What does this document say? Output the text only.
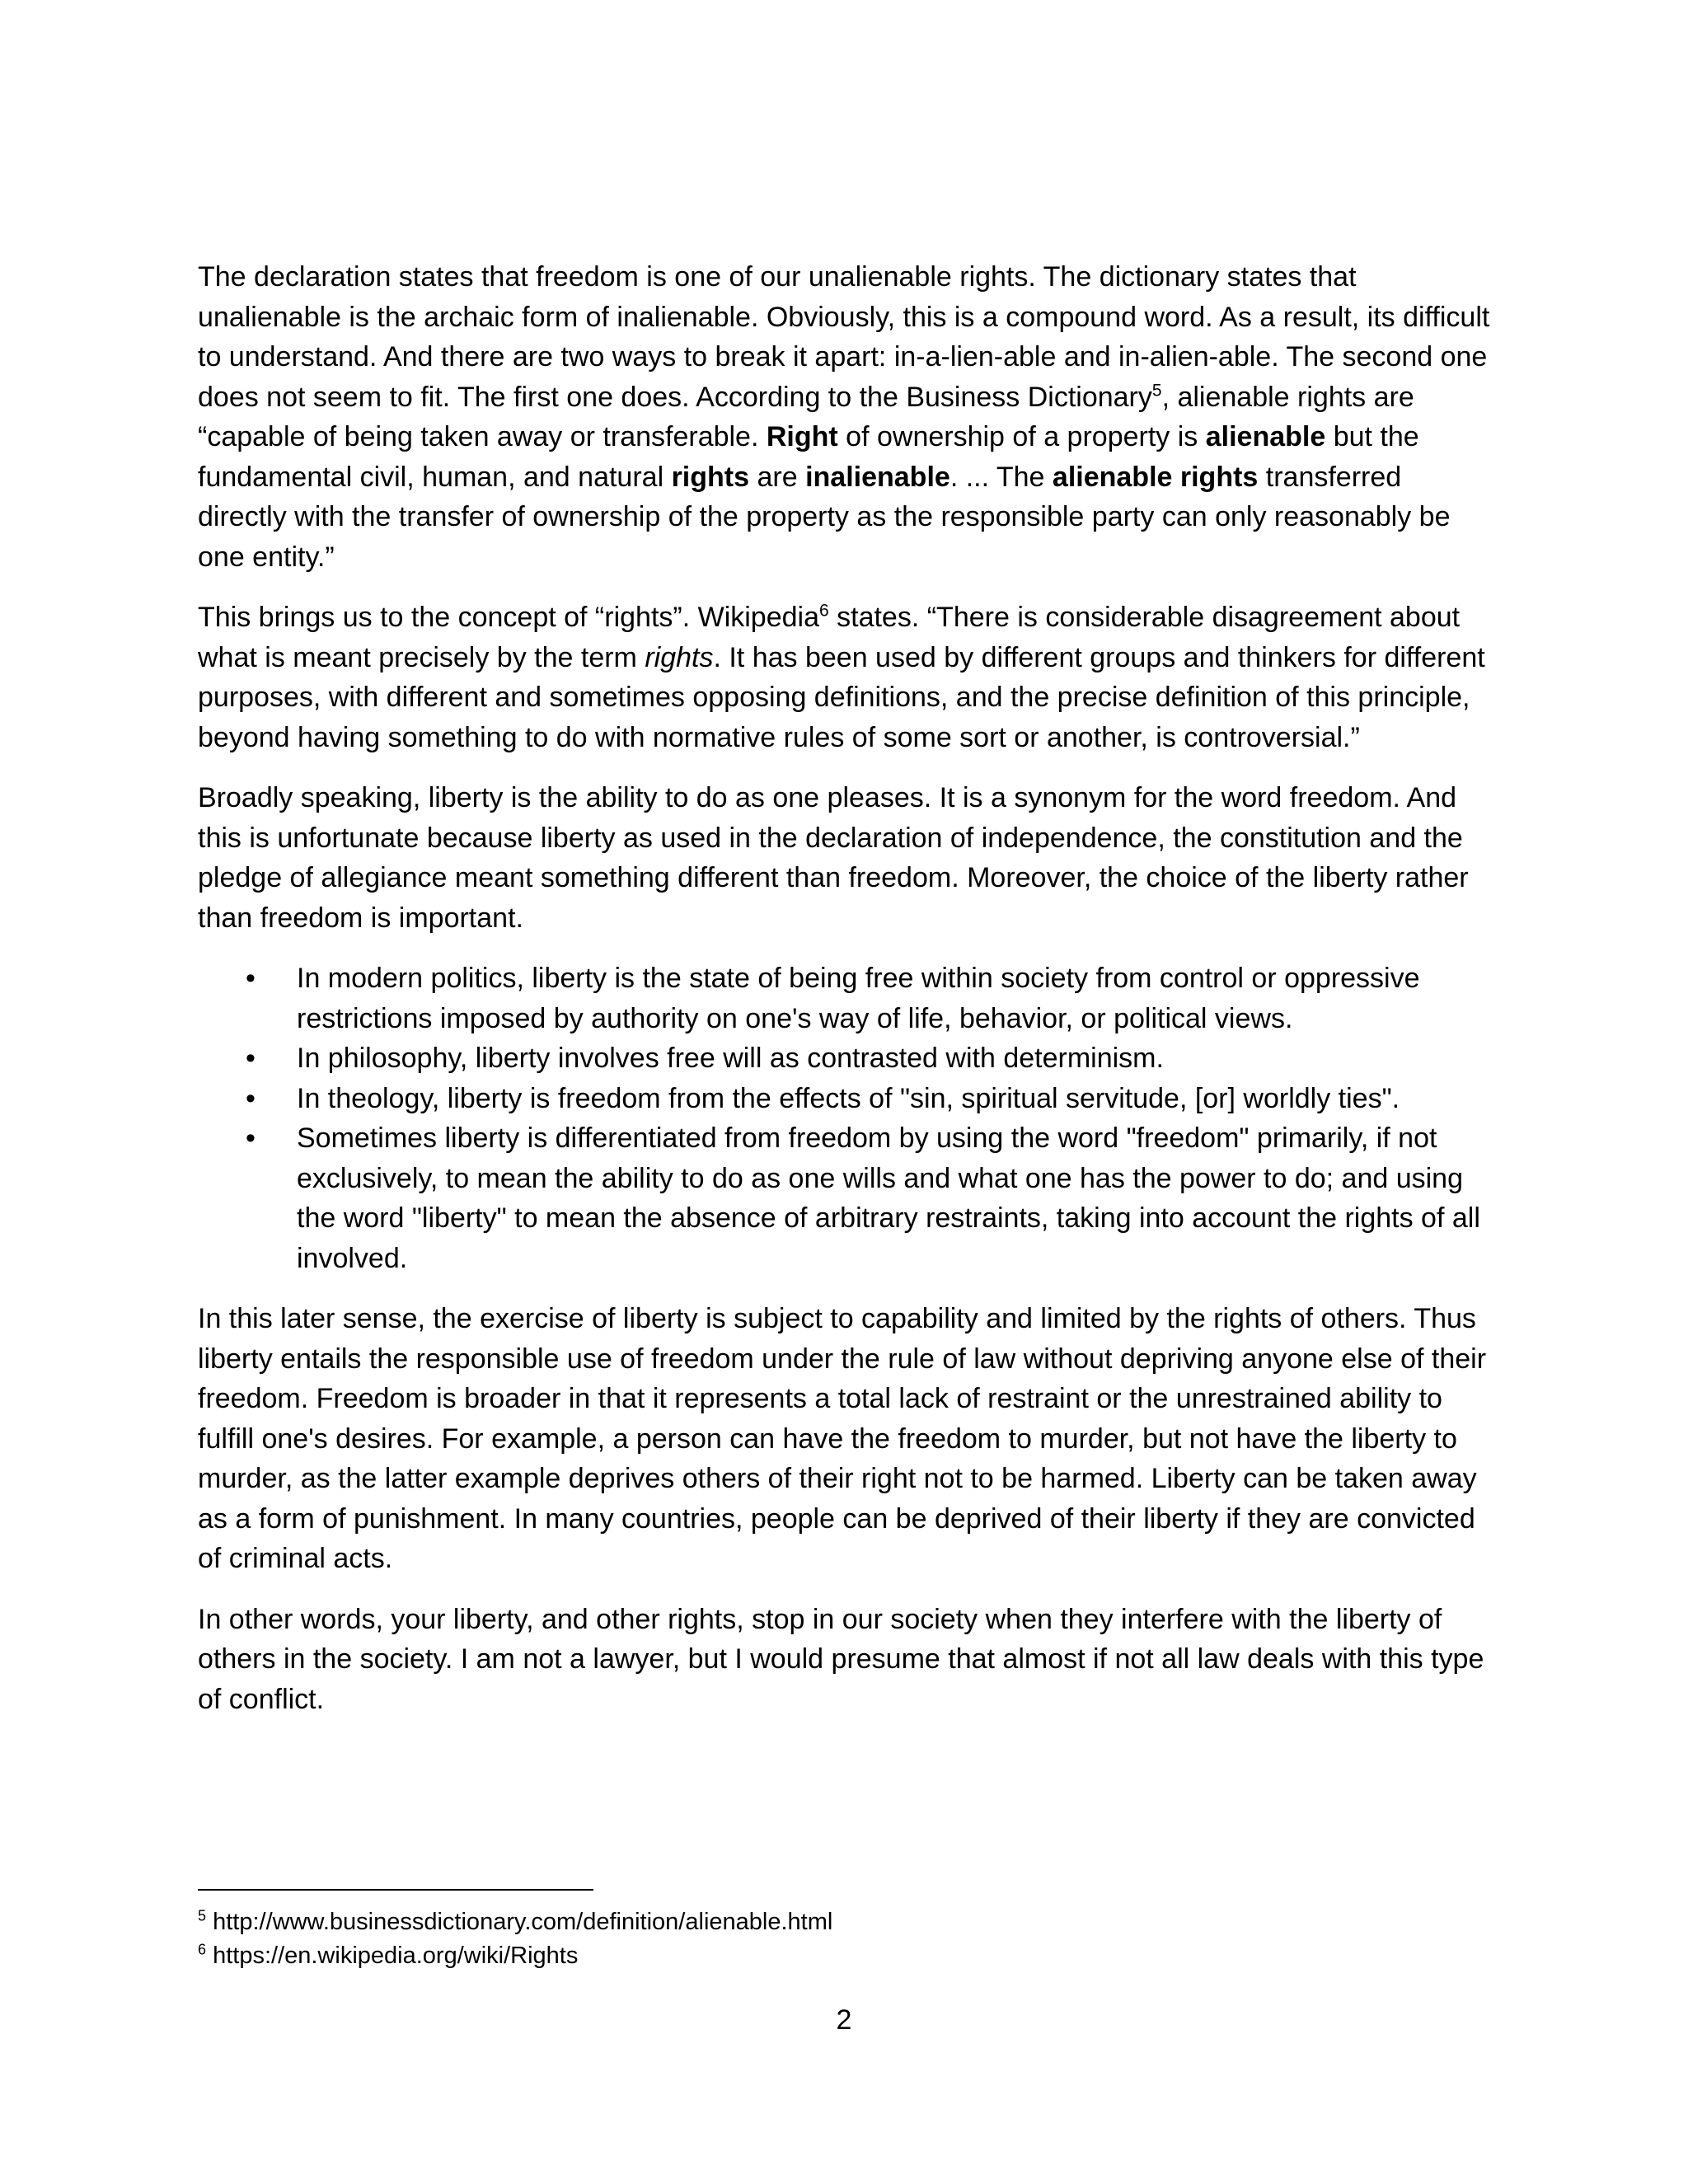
The declaration states that freedom is one of our unalienable rights. The dictionary states that unalienable is the archaic form of inalienable. Obviously, this is a compound word. As a result, its difficult to understand. And there are two ways to break it apart: in-a-lien-able and in-alien-able. The second one does not seem to fit. The first one does. According to the Business Dictionary$^5$, alienable rights are “capable of being taken away or transferable. Right of ownership of a property is alienable but the fundamental civil, human, and natural rights are inalienable. ... The alienable rights transferred directly with the transfer of ownership of the property as the responsible party can only reasonably be one entity.”

This brings us to the concept of “rights”. Wikipedia$^6$ states. “There is considerable disagreement about what is meant precisely by the term rights. It has been used by different groups and thinkers for different purposes, with different and sometimes opposing definitions, and the precise definition of this principle, beyond having something to do with normative rules of some sort or another, is controversial.”

Broadly speaking, liberty is the ability to do as one pleases. It is a synonym for the word freedom. And this is unfortunate because liberty as used in the declaration of independence, the constitution and the pledge of allegiance meant something different than freedom. Moreover, the choice of the liberty rather than freedom is important.

• In modern politics, liberty is the state of being free within society from control or oppressive restrictions imposed by authority on one's way of life, behavior, or political views.
• In philosophy, liberty involves free will as contrasted with determinism.
• In theology, liberty is freedom from the effects of "sin, spiritual servitude, [or] worldly ties".
• Sometimes liberty is differentiated from freedom by using the word "freedom" primarily, if not exclusively, to mean the ability to do as one wills and what one has the power to do; and using the word "liberty" to mean the absence of arbitrary restraints, taking into account the rights of all involved.

In this later sense, the exercise of liberty is subject to capability and limited by the rights of others. Thus liberty entails the responsible use of freedom under the rule of law without depriving anyone else of their freedom. Freedom is broader in that it represents a total lack of restraint or the unrestrained ability to fulfill one's desires. For example, a person can have the freedom to murder, but not have the liberty to murder, as the latter example deprives others of their right not to be harmed. Liberty can be taken away as a form of punishment. In many countries, people can be deprived of their liberty if they are convicted of criminal acts.

In other words, your liberty, and other rights, stop in our society when they interfere with the liberty of others in the society. I am not a lawyer, but I would presume that almost if not all law deals with this type of conflict.

$^5$ http://www.businessdictionary.com/definition/alienable.html
$^6$ https://en.wikipedia.org/wiki/Rights
2
